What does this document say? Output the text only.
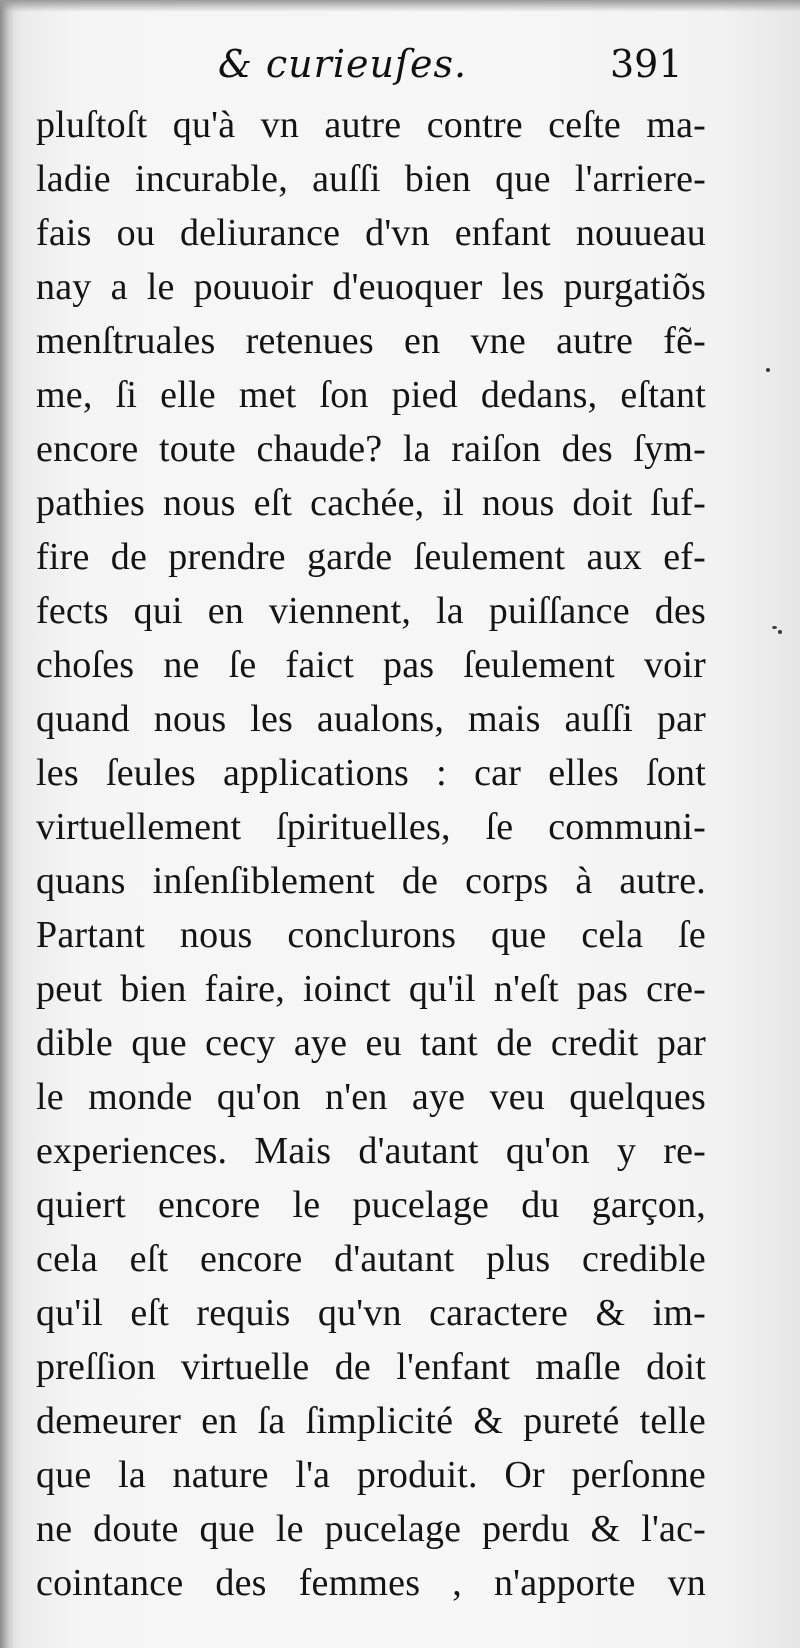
& curieuſes.	391
pluſtoſt qu'à vn autre contre ceſte ma-
ladie incurable, auſſi bien que l'arriere-
fais ou deliurance d'vn enfant nouueau
nay a le pouuoir d'euoquer les purgatiõs
menſtruales retenues en vne autre fẽ-
me, ſi elle met ſon pied dedans, eſtant
encore toute chaude? la raiſon des ſym-
pathies nous eſt cachée, il nous doit ſuf-
fire de prendre garde ſeulement aux ef-
fects qui en viennent, la puiſſance des
choſes ne ſe faict pas ſeulement voir
quand nous les aualons, mais auſſi par
les ſeules applications : car elles ſont
virtuellement ſpirituelles, ſe communi-
quans inſenſiblement de corps à autre.
Partant nous conclurons que cela ſe
peut bien faire, ioinct qu'il n'eſt pas cre-
dible que cecy aye eu tant de credit par
le monde qu'on n'en aye veu quelques
experiences. Mais d'autant qu'on y re-
quiert encore le pucelage du garçon,
cela eſt encore d'autant plus credible
qu'il eſt requis qu'vn caractere & im-
preſſion virtuelle de l'enfant maſle doit
demeurer en ſa ſimplicité & pureté telle
que la nature l'a produit. Or perſonne
ne doute que le pucelage perdu & l'ac-
cointance des femmes , n'apporte vn
